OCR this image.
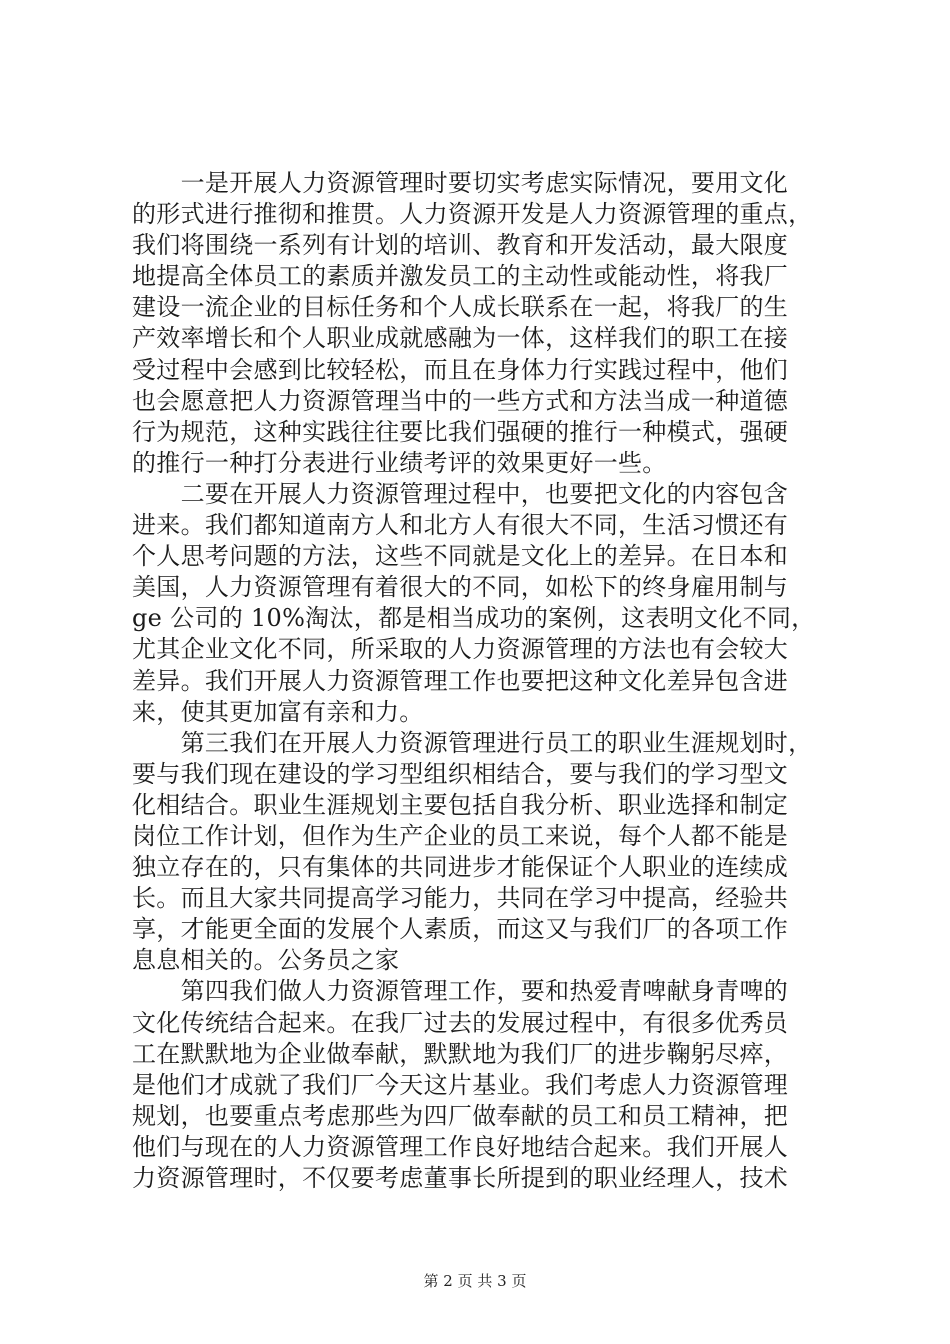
　　一是开展人力资源管理时要切实考虑实际情况，要用文化
的形式进行推彻和推贯。人力资源开发是人力资源管理的重点，
我们将围绕一系列有计划的培训、教育和开发活动，最大限度
地提高全体员工的素质并激发员工的主动性或能动性，将我厂
建设一流企业的目标任务和个人成长联系在一起，将我厂的生
产效率增长和个人职业成就感融为一体，这样我们的职工在接
受过程中会感到比较轻松，而且在身体力行实践过程中，他们
也会愿意把人力资源管理当中的一些方式和方法当成一种道德
行为规范，这种实践往往要比我们强硬的推行一种模式，强硬
的推行一种打分表进行业绩考评的效果更好一些。
　　二要在开展人力资源管理过程中，也要把文化的内容包含
进来。我们都知道南方人和北方人有很大不同，生活习惯还有
个人思考问题的方法，这些不同就是文化上的差异。在日本和
美国，人力资源管理有着很大的不同，如松下的终身雇用制与
ge 公司的 10%淘汰，都是相当成功的案例，这表明文化不同，
尤其企业文化不同，所采取的人力资源管理的方法也有会较大
差异。我们开展人力资源管理工作也要把这种文化差异包含进
来，使其更加富有亲和力。
　　第三我们在开展人力资源管理进行员工的职业生涯规划时，
要与我们现在建设的学习型组织相结合，要与我们的学习型文
化相结合。职业生涯规划主要包括自我分析、职业选择和制定
岗位工作计划，但作为生产企业的员工来说，每个人都不能是
独立存在的，只有集体的共同进步才能保证个人职业的连续成
长。而且大家共同提高学习能力，共同在学习中提高，经验共
享，才能更全面的发展个人素质，而这又与我们厂的各项工作
息息相关的。公务员之家
　　第四我们做人力资源管理工作，要和热爱青啤献身青啤的
文化传统结合起来。在我厂过去的发展过程中，有很多优秀员
工在默默地为企业做奉献，默默地为我们厂的进步鞠躬尽瘁，
是他们才成就了我们厂今天这片基业。我们考虑人力资源管理
规划，也要重点考虑那些为四厂做奉献的员工和员工精神，把
他们与现在的人力资源管理工作良好地结合起来。我们开展人
力资源管理时，不仅要考虑董事长所提到的职业经理人，技术
第 2 页 共 3 页
